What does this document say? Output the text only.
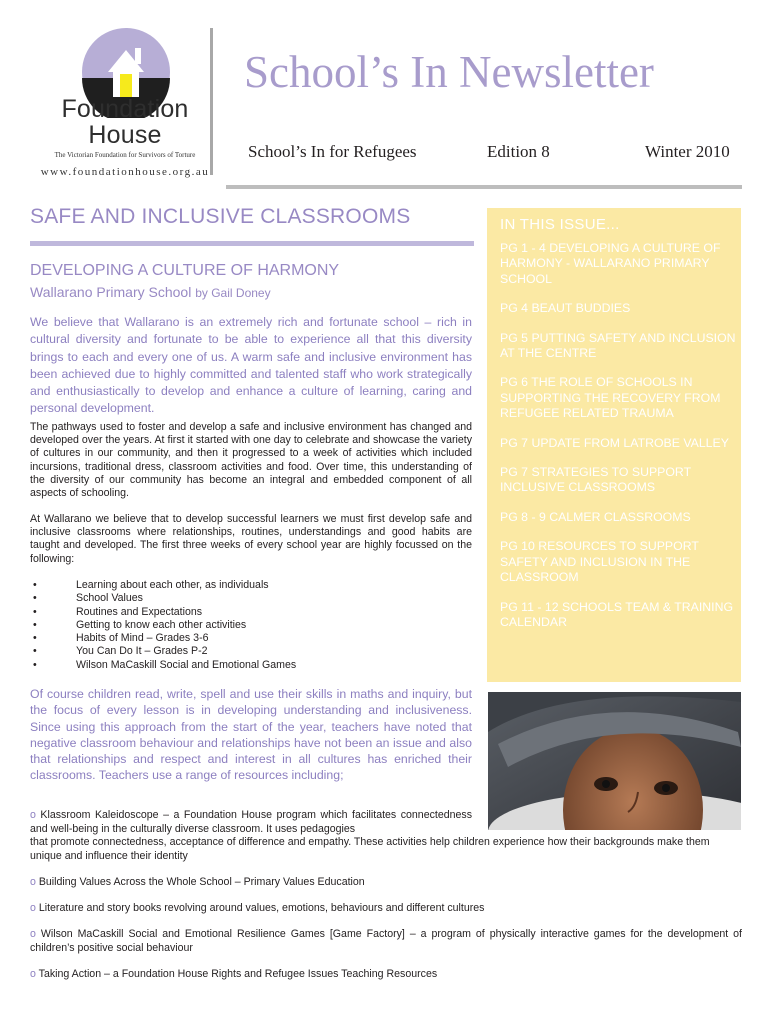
Foundation
House
The Victorian Foundation for Survivors of Torture
www.foundationhouse.org.au
School’s In Newsletter
School’s In for Refugees	Edition 8	Winter 2010
SAFE AND INCLUSIVE CLASSROOMS
DEVELOPING A CULTURE OF HARMONY
Wallarano Primary School by Gail Doney

We believe that Wallarano is an extremely rich and fortunate school – rich in cultural diversity and fortunate to be able to experience all that this diversity brings to each and every one of us. A warm safe and inclusive environment has been achieved due to highly committed and talented staff who work strategically and enthusiastically to develop and enhance a culture of learning, caring and personal development.

The pathways used to foster and develop a safe and inclusive environment has changed and developed over the years. At first it started with one day to celebrate and showcase the variety of cultures in our community, and then it progressed to a week of activities which included incursions, traditional dress, classroom activities and food. Over time, this understanding of the diversity of our community has become an integral and embedded component of all aspects of schooling.

At Wallarano we believe that to develop successful learners we must first develop safe and inclusive classrooms where relationships, routines, understandings and good habits are taught and developed. The first three weeks of every school year are highly focussed on the following:

• Learning about each other, as individuals
• School Values
• Routines and Expectations
• Getting to know each other activities
• Habits of Mind – Grades 3-6
• You Can Do It – Grades P-2
• Wilson MaCaskill Social and Emotional Games
IN THIS ISSUE...
PG 1 - 4 DEVELOPING A CULTURE OF HARMONY - WALLARANO PRIMARY SCHOOL
PG 4 BEAUT BUDDIES
PG 5 PUTTING SAFETY AND INCLUSION AT THE CENTRE
PG 6 THE ROLE OF SCHOOLS IN SUPPORTING THE RECOVERY FROM REFUGEE RELATED TRAUMA
PG 7 UPDATE FROM LATROBE VALLEY
PG 7 STRATEGIES TO SUPPORT INCLUSIVE CLASSROOMS
PG 8 - 9 CALMER CLASSROOMS
PG 10 RESOURCES TO SUPPORT SAFETY AND INCLUSION IN THE CLASSROOM
PG 11 - 12 SCHOOLS TEAM & TRAINING CALENDAR

Of course children read, write, spell and use their skills in maths and inquiry, but the focus of every lesson is in developing understanding and inclusiveness. Since using this approach from the start of the year, teachers have noted that negative classroom behaviour and relationships have not been an issue and also that relationships and respect and interest in all cultures has enriched their classrooms. Teachers use a range of resources including;

o Klassroom Kaleidoscope – a Foundation House program which facilitates connectedness and well-being in the culturally diverse classroom. It uses pedagogies
that promote connectedness, acceptance of difference and empathy. These activities help children experience how their backgrounds make them unique and influence their identity

o Building Values Across the Whole School – Primary Values Education

o Literature and story books revolving around values, emotions, behaviours and different cultures

o Wilson MaCaskill Social and Emotional Resilience Games [Game Factory] – a program of physically interactive games for the development of children’s positive social behaviour

o Taking Action – a Foundation House Rights and Refugee Issues Teaching Resources
